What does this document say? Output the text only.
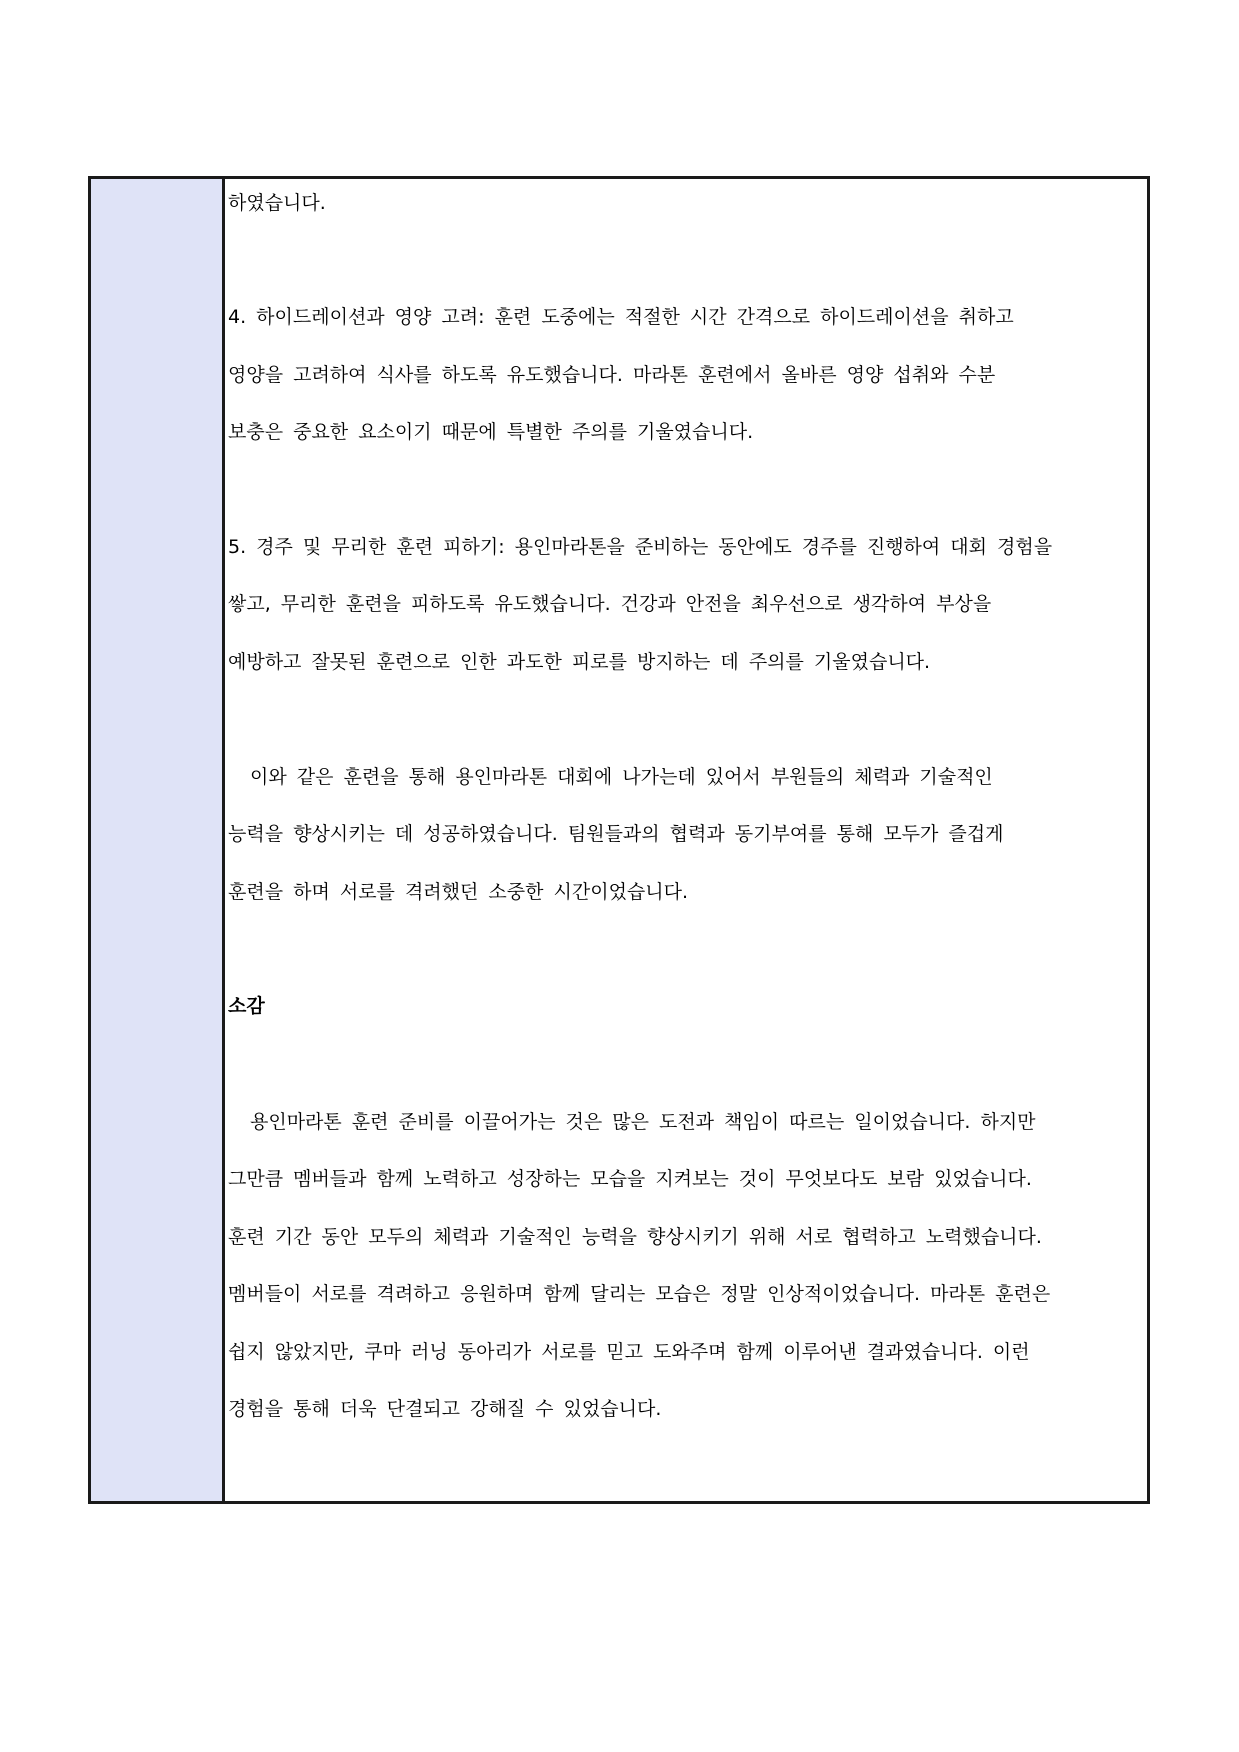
하였습니다.
4. 하이드레이션과 영양 고려: 훈련 도중에는 적절한 시간 간격으로 하이드레이션을 취하고
영양을 고려하여 식사를 하도록 유도했습니다. 마라톤 훈련에서 올바른 영양 섭취와 수분
보충은 중요한 요소이기 때문에 특별한 주의를 기울였습니다.
5. 경주 및 무리한 훈련 피하기: 용인마라톤을 준비하는 동안에도 경주를 진행하여 대회 경험을
쌓고, 무리한 훈련을 피하도록 유도했습니다. 건강과 안전을 최우선으로 생각하여 부상을
예방하고 잘못된 훈련으로 인한 과도한 피로를 방지하는 데 주의를 기울였습니다.
이와 같은 훈련을 통해 용인마라톤 대회에 나가는데 있어서 부원들의 체력과 기술적인
능력을 향상시키는 데 성공하였습니다. 팀원들과의 협력과 동기부여를 통해 모두가 즐겁게
훈련을 하며 서로를 격려했던 소중한 시간이었습니다.
소감
용인마라톤 훈련 준비를 이끌어가는 것은 많은 도전과 책임이 따르는 일이었습니다. 하지만
그만큼 멤버들과 함께 노력하고 성장하는 모습을 지켜보는 것이 무엇보다도 보람 있었습니다.
훈련 기간 동안 모두의 체력과 기술적인 능력을 향상시키기 위해 서로 협력하고 노력했습니다.
멤버들이 서로를 격려하고 응원하며 함께 달리는 모습은 정말 인상적이었습니다. 마라톤 훈련은
쉽지 않았지만, 쿠마 러닝 동아리가 서로를 믿고 도와주며 함께 이루어낸 결과였습니다. 이런
경험을 통해 더욱 단결되고 강해질 수 있었습니다.
